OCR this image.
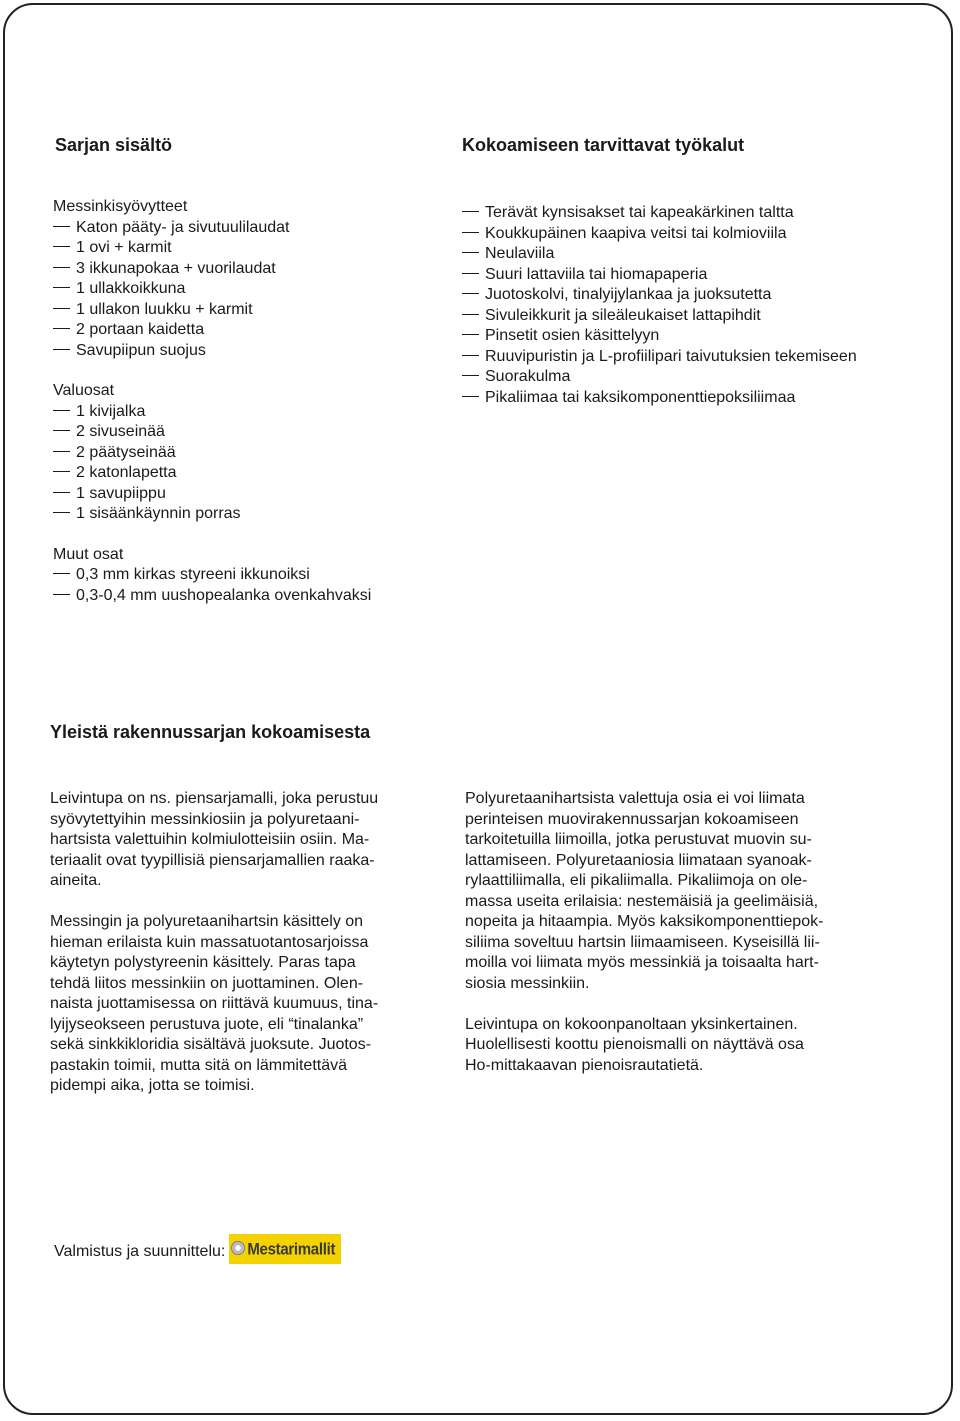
Sarjan sisältö	Kokoamiseen tarvittavat työkalut
Messinkisyövytteet
Katon pääty- ja sivutuulilaudat
1 ovi + karmit
3 ikkunapokaa + vuorilaudat
1 ullakkoikkuna
1 ullakon luukku + karmit
2 portaan kaidetta
Savupiipun suojus
Valuosat
1 kivijalka
2 sivuseinää
2 päätyseinää
2 katonlapetta
1 savupiippu
1 sisäänkäynnin porras
Muut osat
0,3 mm kirkas styreeni ikkunoiksi
0,3-0,4 mm uushopealanka ovenkahvaksi
Terävät kynsisakset tai kapeakärkinen taltta
Koukkupäinen kaapiva veitsi tai kolmioviila
Neulaviila
Suuri lattaviila tai hiomapaperia
Juotoskolvi, tinalyijylankaa ja juoksutetta
Sivuleikkurit ja sileäleukaiset lattapihdit
Pinsetit osien käsittelyyn
Ruuvipuristin ja L-profiilipari taivutuksien tekemiseen
Suorakulma
Pikaliimaa tai kaksikomponenttiepoksiliimaa
Yleistä rakennussarjan kokoamisesta

Leivintupa on ns. piensarjamalli, joka perustuu
syövytettyihin messinkiosiin ja polyuretaani-
hartsista valettuihin kolmiulotteisiin osiin. Ma-
teriaalit ovat tyypillisiä piensarjamallien raaka-
aineita.

Messingin ja polyuretaanihartsin käsittely on
hieman erilaista kuin massatuotantosarjoissa
käytetyn polystyreenin käsittely. Paras tapa
tehdä liitos messinkiin on juottaminen. Olen-
naista juottamisessa on riittävä kuumuus, tina-
lyijyseokseen perustuva juote, eli “tinalanka”
sekä sinkkikloridia sisältävä juoksute. Juotos-
pastakin toimii, mutta sitä on lämmitettävä
pidempi aika, jotta se toimisi.

Polyuretaanihartsista valettuja osia ei voi liimata
perinteisen muovirakennussarjan kokoamiseen
tarkoitetuilla liimoilla, jotka perustuvat muovin su-
lattamiseen. Polyuretaaniosia liimataan syanoak-
rylaattiliimalla, eli pikaliimalla. Pikaliimoja on ole-
massa useita erilaisia: nestemäisiä ja geelimäisiä,
nopeita ja hitaampia. Myös kaksikomponenttiepok-
siliima soveltuu hartsin liimaamiseen. Kyseisillä lii-
moilla voi liimata myös messinkiä ja toisaalta hart-
siosia messinkiin.

Leivintupa on kokoonpanoltaan yksinkertainen.
Huolellisesti koottu pienoismalli on näyttävä osa
Ho-mittakaavan pienoisrautatietä.

Valmistus ja suunnittelu: Mestarimallit
